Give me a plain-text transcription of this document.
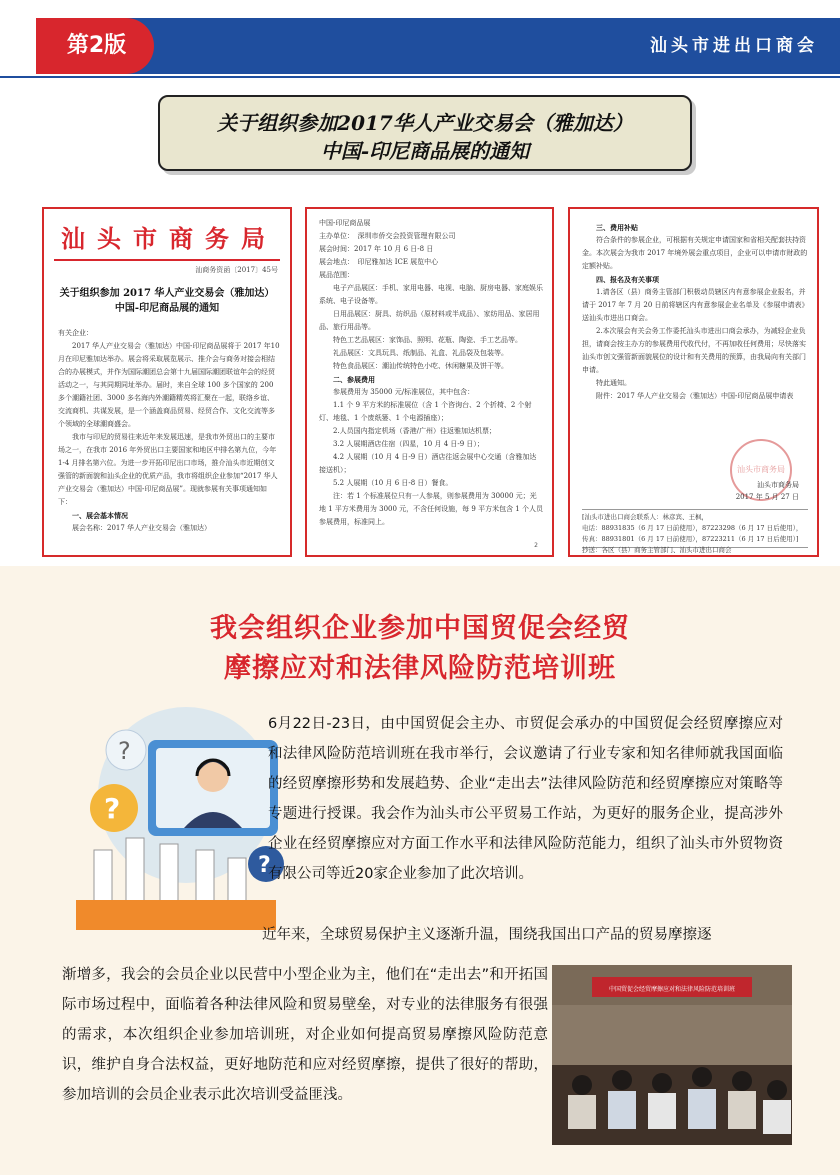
第2版	汕头市进出口商会
关于组织参加2017华人产业交易会（雅加达）
中国-印尼商品展的通知
汕头市商务局
汕商务资函〔2017〕45号
关于组织参加 2017 华人产业交易会（雅加达）
中国-印尼商品展的通知

有关企业：

2017 华人产业交易会（雅加达）中国-印尼商品展将于 2017 年10月在印尼雅加达举办。展会将采取展览展示、推介会与商务对接会相结合的办展模式，并作为国际潮团总会第十九届国际潮团联谊年会的经贸活动之一，与其同期同址举办。届时，来自全球 100 多个国家的 200 多个潮籍社团、3000 多名海内外潮籍精英将汇聚在一起，联络乡谊、交流商机、共谋发展，是一个涵盖商品贸易、经贸合作、文化交流等多个领域的全球潮商盛会。

我市与印尼的贸易往来近年来发展迅速，是我市外贸出口的主要市场之一，在我市 2016 年外贸出口主要国家和地区中排名第九位，今年 1-4 月排名第六位。为进一步开拓印尼出口市场，推介汕头市近期创文强管的新面貌和汕头企业的优质产品，我市将组织企业参加“2017 华人产业交易会（雅加达）中国-印尼商品展”。现就参展有关事项通知如下：

一、展会基本情况

展会名称：2017 华人产业交易会（雅加达）

中国-印尼商品展

主办单位：　深圳市侨交会投资管理有限公司

展会时间：2017 年 10 月 6 日-8 日

展会地点：　印尼雅加达 ICE 展览中心

展品范围：

电子产品展区：手机、家用电器、电视、电脑、厨房电器、家庭娱乐系统、电子设备等。

日用品展区：厨具、纺织品（原材料或半成品）、家纺用品、家居用品、旅行用品等。

特色工艺品展区：家饰品、照明、花瓶、陶瓷、手工艺品等。

礼品展区：文具玩具、纸制品、礼盒、礼品袋及包装等。

特色食品展区：潮汕传统特色小吃、休闲糖果及饼干等。

二、参展费用

参展费用为 35000 元/标准展位，其中包含：

1.1 个 9 平方米的标准展位（含 1 个咨询台、2 个折椅、2 个射灯、地毯、1 个废纸篓、1 个电源插座）；

2.人员国内指定机场（香港/广州）往返雅加达机票；

3.2 人展期酒店住宿（四星，10 月 4 日-9 日）；

4.2 人展期（10 月 4 日-9 日）酒店往返会展中心交通（含雅加达接送机）；

5.2 人展期（10 月 6 日-8 日）餐食。

注：若 1 个标准展位只有一人参展，则参展费用为 30000 元；光地 1 平方米费用为 3000 元，不含任何设施，每 9 平方米包含 1 个人员参展费用，标准同上。

2

三、费用补贴

符合条件的参展企业，可根据有关规定申请国家和省相关配套扶持资金。本次展会为我市 2017 年境外展会重点项目，企业可以申请市财政的定额补贴。

四、报名及有关事项

1.请各区（县）商务主管部门积极动员辖区内有意参展企业报名，并请于 2017 年 7 月 20 日前将辖区内有意参展企业名单及《参展申请表》送汕头市进出口商会。

2.本次展会有关会务工作委托汕头市进出口商会承办，为减轻企业负担，请商会按主办方的参展费用代收代付，不再加收任何费用；尽快落实汕头市创文强管新面貌展位的设计和有关费用的预算，由我局向有关部门申请。

特此通知。

附件：2017 华人产业交易会（雅加达）中国-印尼商品展申请表

汕头市商务局
汕头市商务局
2017 年 5 月 27 日
[汕头市进出口商会联系人：林彦宾、王枫，
电话：88931835（6 月 17 日前使用），87223298（6 月 17 日后使用），
传真：88931801（6 月 17 日前使用），87223211（6 月 17 日后使用）]
抄送：各区（县）商务主管部门、汕头市进出口商会
我会组织企业参加中国贸促会经贸
摩擦应对和法律风险防范培训班
?
?
?
6月22日-23日，由中国贸促会主办、市贸促会承办的中国贸促会经贸摩擦应对和法律风险防范培训班在我市举行，会议邀请了行业专家和知名律师就我国面临的经贸摩擦形势和发展趋势、企业“走出去”法律风险防范和经贸摩擦应对策略等专题进行授课。我会作为汕头市公平贸易工作站，为更好的服务企业，提高涉外企业在经贸摩擦应对方面工作水平和法律风险防范能力，组织了汕头市外贸物资有限公司等近20家企业参加了此次培训。
近年来，全球贸易保护主义逐渐升温，围绕我国出口产品的贸易摩擦逐
渐增多，我会的会员企业以民营中小型企业为主，他们在“走出去”和开拓国际市场过程中，面临着各种法律风险和贸易壁垒，对专业的法律服务有很强的需求，本次组织企业参加培训班，对企业如何提高贸易摩擦风险防范意识，维护自身合法权益，更好地防范和应对经贸摩擦，提供了很好的帮助，参加培训的会员企业表示此次培训受益匪浅。
中国贸促会经贸摩擦应对和法律风险防范培训班
